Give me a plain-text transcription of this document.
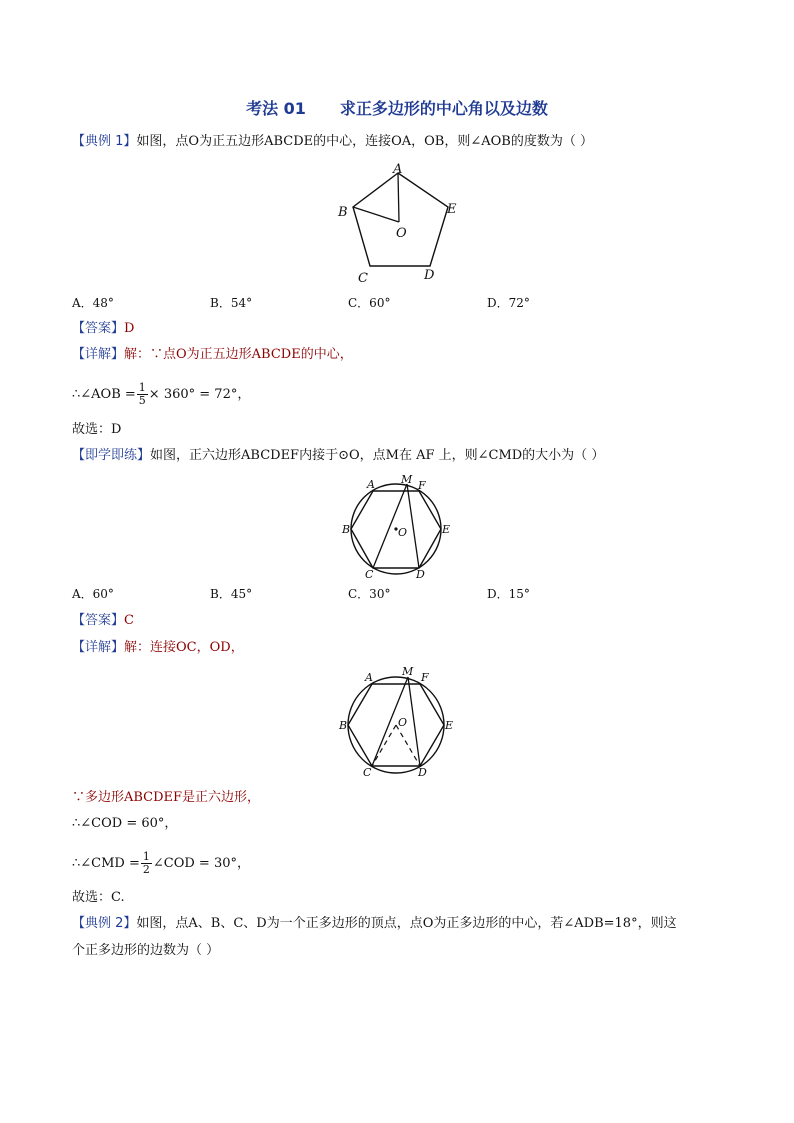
考法 01 求正多边形的中心角以及边数
【典例 1】如图，点O为正五边形ABCDE的中心，连接OA，OB，则∠AOB的度数为（ ）
A
B
C	D
E
O
A．48°	B．54°	C．60°	D．72°
【答案】D
【详解】解：∵点O为正五边形ABCDE的中心，
∴∠AOB = $\frac{1}{5} \times 360^\circ = 72^\circ$，
故选：D
【即学即练】如图，正六边形ABCDEF内接于⊙O，点M在 AF 上，则∠CMD的大小为（ ）
A M F
B	E
O
C	D
A．60°	B．45°	C．30°	D．15°
【答案】C
【详解】解：连接OC，OD，
A	M F
B	E
O
C	D
∵多边形ABCDEF是正六边形，
∴∠COD = 60°，
∴∠CMD = $\frac{1}{2}$ ∠COD = 30°，
故选：C.
【典例 2】如图，点A、B、C、D为一个正多边形的顶点，点O为正多边形的中心，若∠ADB=18°，则这
个正多边形的边数为（ ）
